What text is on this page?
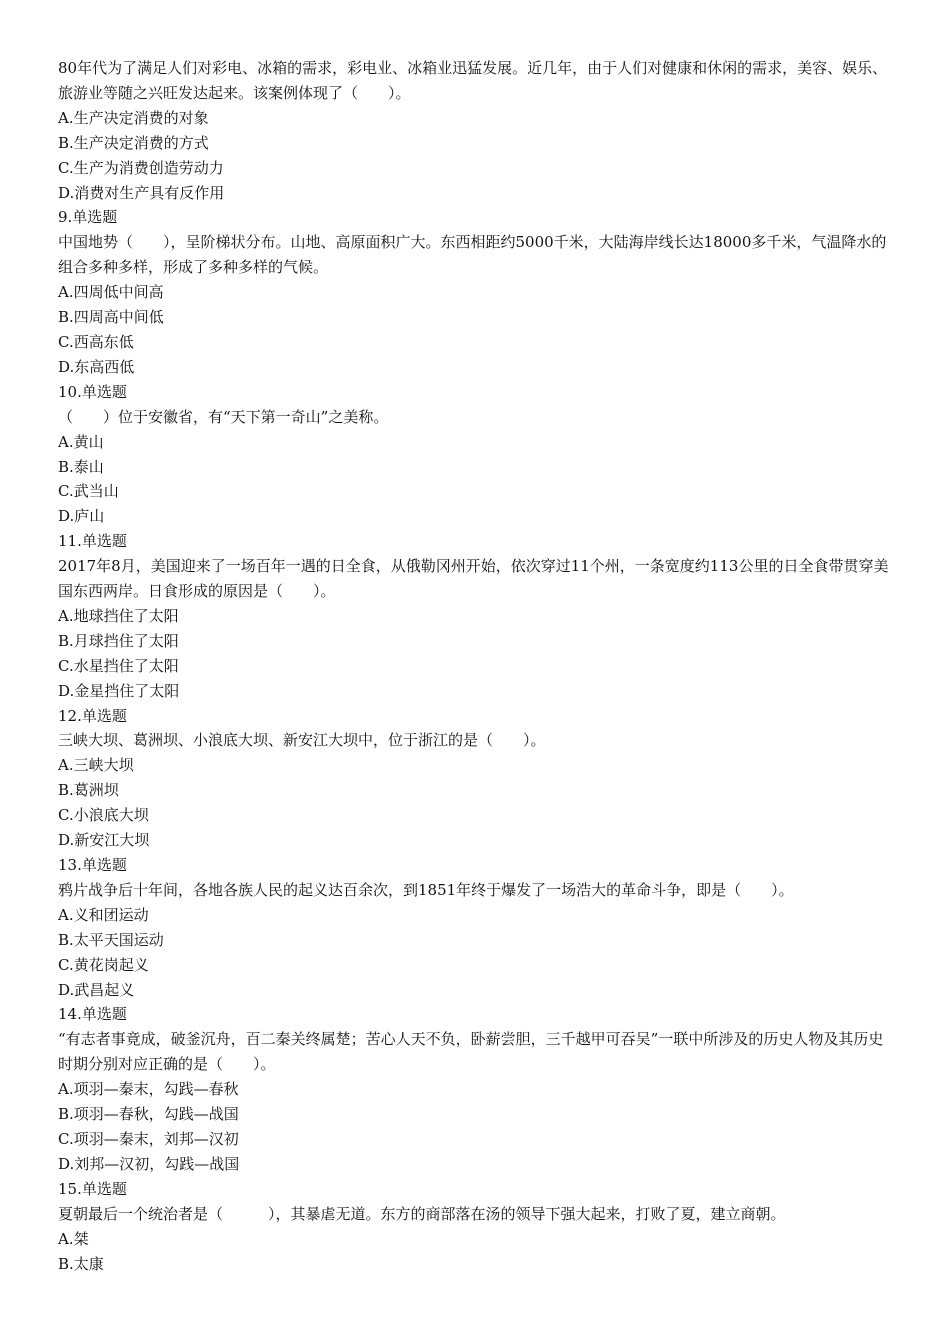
80年代为了满足人们对彩电、冰箱的需求，彩电业、冰箱业迅猛发展。近几年，由于人们对健康和休闲的需求，美容、娱乐、旅游业等随之兴旺发达起来。该案例体现了（　　）。
A.生产决定消费的对象
B.生产决定消费的方式
C.生产为消费创造劳动力
D.消费对生产具有反作用
9.单选题
中国地势（　　），呈阶梯状分布。山地、高原面积广大。东西相距约5000千米，大陆海岸线长达18000多千米，气温降水的组合多种多样，形成了多种多样的气候。
A.四周低中间高
B.四周高中间低
C.西高东低
D.东高西低
10.单选题
（　　）位于安徽省，有“天下第一奇山”之美称。
A.黄山
B.泰山
C.武当山
D.庐山
11.单选题
2017年8月，美国迎来了一场百年一遇的日全食，从俄勒冈州开始，依次穿过11个州，一条宽度约113公里的日全食带贯穿美国东西两岸。日食形成的原因是（　　）。
A.地球挡住了太阳
B.月球挡住了太阳
C.水星挡住了太阳
D.金星挡住了太阳
12.单选题
三峡大坝、葛洲坝、小浪底大坝、新安江大坝中，位于浙江的是（　　）。
A.三峡大坝
B.葛洲坝
C.小浪底大坝
D.新安江大坝
13.单选题
鸦片战争后十年间，各地各族人民的起义达百余次，到1851年终于爆发了一场浩大的革命斗争，即是（　　）。
A.义和团运动
B.太平天国运动
C.黄花岗起义
D.武昌起义
14.单选题
“有志者事竟成，破釜沉舟，百二秦关终属楚；苦心人天不负，卧薪尝胆，三千越甲可吞吴”一联中所涉及的历史人物及其历史时期分别对应正确的是（　　）。
A.项羽—秦末，勾践—春秋
B.项羽—春秋，勾践—战国
C.项羽—秦末，刘邦—汉初
D.刘邦—汉初，勾践—战国
15.单选题
夏朝最后一个统治者是（　　　），其暴虐无道。东方的商部落在汤的领导下强大起来，打败了夏，建立商朝。
A.桀
B.太康
